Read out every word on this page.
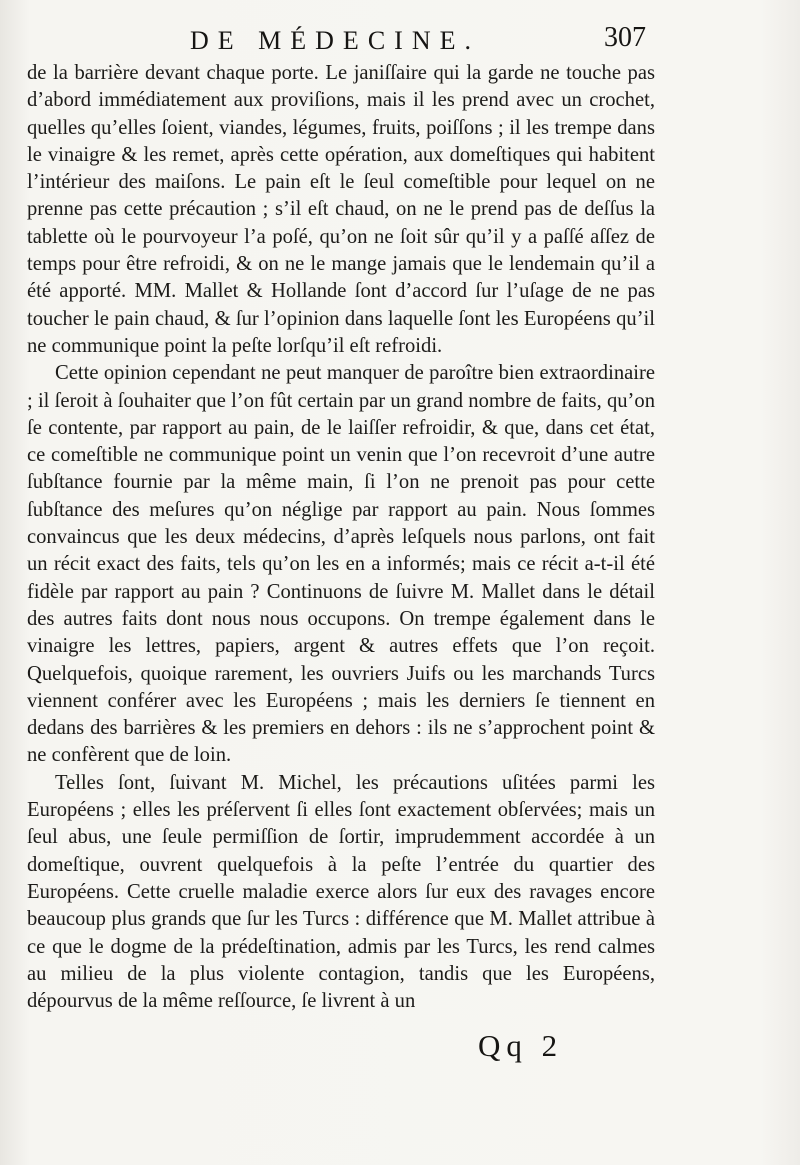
DE MÉDECINE.	307

de la barrière devant chaque porte. Le janiſſaire qui la garde ne touche pas d’abord immédiatement aux proviſions, mais il les prend avec un crochet, quelles qu’elles ſoient, viandes, légumes, fruits, poiſſons ; il les trempe dans le vinaigre & les remet, après cette opération, aux domeſtiques qui habitent l’intérieur des maiſons. Le pain eſt le ſeul comeſtible pour lequel on ne prenne pas cette précaution ; s’il eſt chaud, on ne le prend pas de deſſus la tablette où le pourvoyeur l’a poſé, qu’on ne ſoit sûr qu’il y a paſſé aſſez de temps pour être refroidi, & on ne le mange jamais que le lendemain qu’il a été apporté. MM. Mallet & Hollande ſont d’accord ſur l’uſage de ne pas toucher le pain chaud, & ſur l’opinion dans laquelle ſont les Européens qu’il ne communique point la peſte lorſqu’il eſt refroidi.

Cette opinion cependant ne peut manquer de paroître bien extraordinaire ; il ſeroit à ſouhaiter que l’on fût certain par un grand nombre de faits, qu’on ſe contente, par rapport au pain, de le laiſſer refroidir, & que, dans cet état, ce comeſtible ne communique point un venin que l’on recevroit d’une autre ſubſtance fournie par la même main, ſi l’on ne prenoit pas pour cette ſubſtance des meſures qu’on néglige par rapport au pain. Nous ſommes convaincus que les deux médecins, d’après leſquels nous parlons, ont fait un récit exact des faits, tels qu’on les en a informés; mais ce récit a-t-il été fidèle par rapport au pain ? Continuons de ſuivre M. Mallet dans le détail des autres faits dont nous nous occupons. On trempe également dans le vinaigre les lettres, papiers, argent & autres effets que l’on reçoit. Quelquefois, quoique rarement, les ouvriers Juifs ou les marchands Turcs viennent conférer avec les Européens ; mais les derniers ſe tiennent en dedans des barrières & les premiers en dehors : ils ne s’approchent point & ne confèrent que de loin.

Telles ſont, ſuivant M. Michel, les précautions uſitées parmi les Européens ; elles les préſervent ſi elles ſont exactement obſervées; mais un ſeul abus, une ſeule permiſſion de ſortir, imprudemment accordée à un domeſtique, ouvrent quelquefois à la peſte l’entrée du quartier des Européens. Cette cruelle maladie exerce alors ſur eux des ravages encore beaucoup plus grands que ſur les Turcs : différence que M. Mallet attribue à ce que le dogme de la prédeſtination, admis par les Turcs, les rend calmes au milieu de la plus violente contagion, tandis que les Européens, dépourvus de la même reſſource, ſe livrent à un

Qq 2
